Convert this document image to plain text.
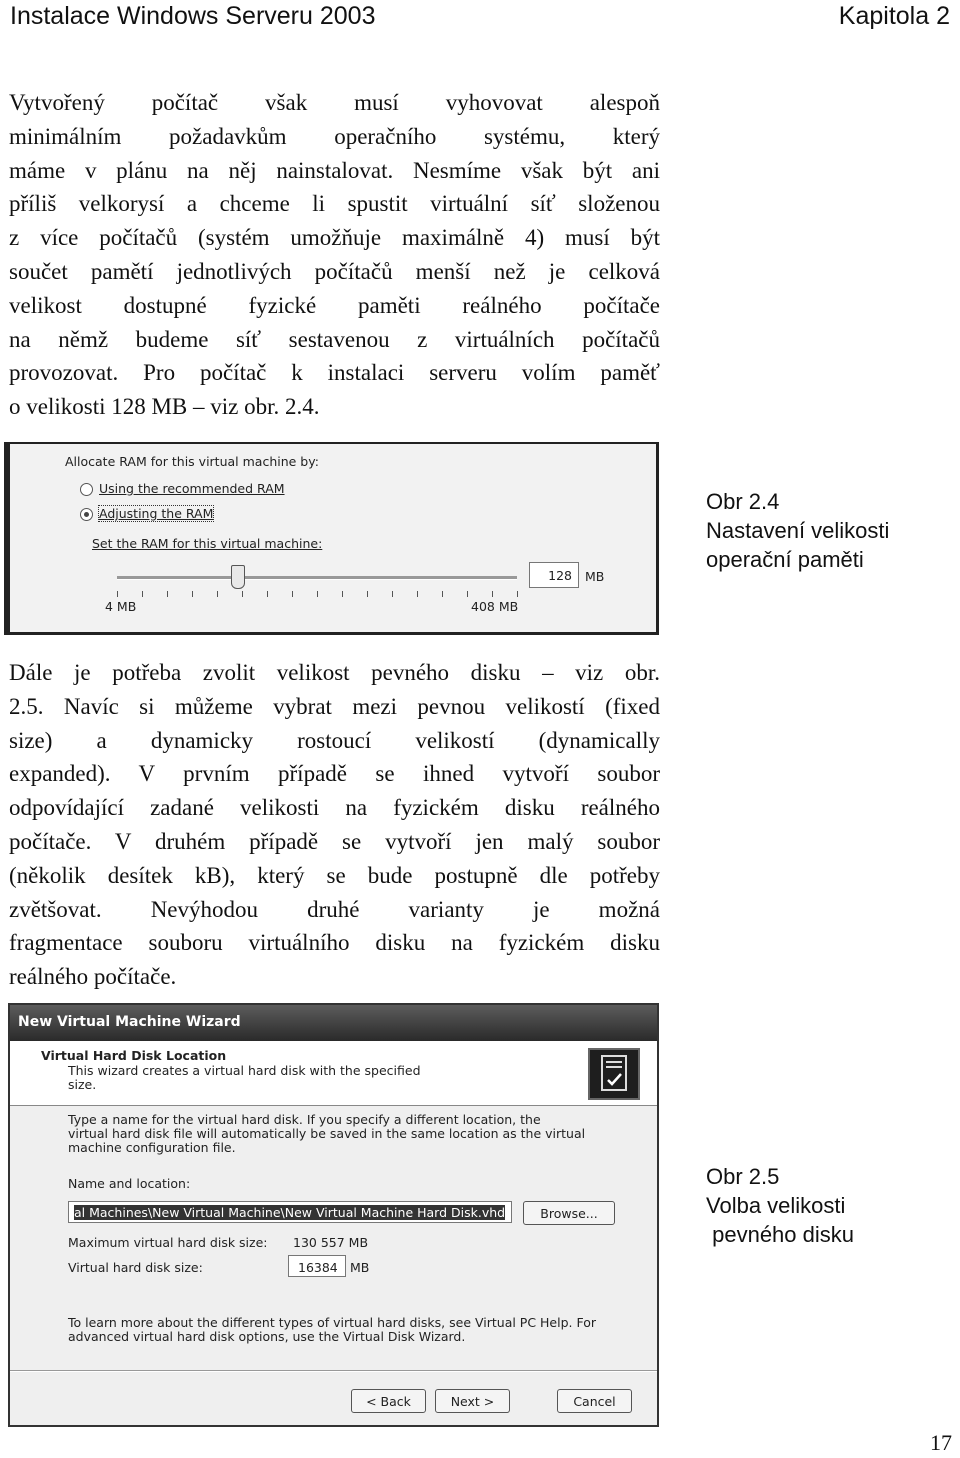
Instalace Windows Serveru 2003	Kapitola 2
Vytvořený počítač však musí vyhovovat alespoň
minimálním požadavkům operačního systému, který
máme v plánu na něj nainstalovat. Nesmíme však být ani
příliš velkorysí a chceme li spustit virtuální síť složenou
z více počítačů (systém umožňuje maximálně 4) musí být
součet pamětí jednotlivých počítačů menší než je celková
velikost dostupné fyzické paměti reálného počítače
na němž budeme síť sestavenou z virtuálních počítačů
provozovat. Pro počítač k instalaci serveru volím paměť
o velikosti 128 MB – viz obr. 2.4.
Allocate RAM for this virtual machine by:
Using the recommended RAM
Adjusting the RAM
Set the RAM for this virtual machine:
128	MB
4 MB	408 MB
Obr 2.4
Nastavení velikosti
operační paměti
Dále je potřeba zvolit velikost pevného disku – viz obr.
2.5. Navíc si můžeme vybrat mezi pevnou velikostí (fixed
size) a dynamicky rostoucí velikostí (dynamically
expanded). V prvním případě se ihned vytvoří soubor
odpovídající zadané velikosti na fyzickém disku reálného
počítače. V druhém případě se vytvoří jen malý soubor
(několik desítek kB), který se bude postupně dle potřeby
zvětšovat. Nevýhodou druhé varianty je možná
fragmentace souboru virtuálního disku na fyzickém disku
reálného počítače.
New Virtual Machine Wizard
Virtual Hard Disk Location
This wizard creates a virtual hard disk with the specified
size.
Type a name for the virtual hard disk. If you specify a different location, the
virtual hard disk file will automatically be saved in the same location as the virtual
machine configuration file.
Name and location:
al Machines\New Virtual Machine\New Virtual Machine Hard Disk.vhd	Browse...
Maximum virtual hard disk size: 130 557 MB
Virtual hard disk size:	16384 MB
To learn more about the different types of virtual hard disks, see Virtual PC Help. For
advanced virtual hard disk options, use the Virtual Disk Wizard.
< Back	Next >	Cancel
Obr 2.5
Volba velikosti
pevného disku
17
